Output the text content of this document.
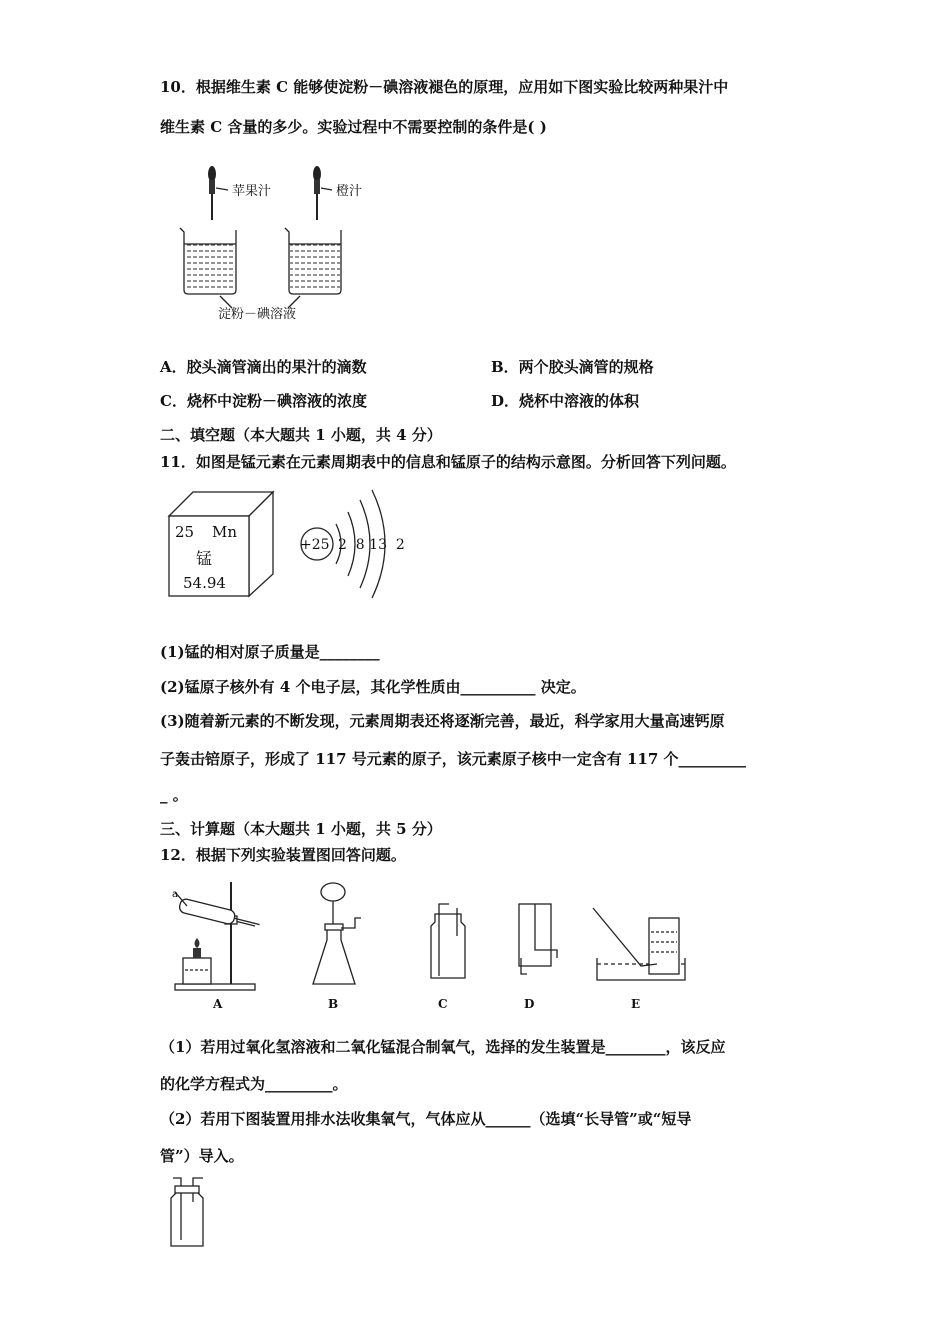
10．根据维生素 C 能够使淀粉－碘溶液褪色的原理，应用如下图实验比较两种果汁中
维生素 C 含量的多少。实验过程中不需要控制的条件是( )
苹果汁	橙汁
淀粉－碘溶液
A．胶头滴管滴出的果汁的滴数	B．两个胶头滴管的规格
C．烧杯中淀粉－碘溶液的浓度	D．烧杯中溶液的体积
二、填空题（本大题共 1 小题，共 4 分）
11．如图是锰元素在元素周期表中的信息和锰原子的结构示意图。分析回答下列问题。
25 Mn
锰
54.94
+25 2  8 13  2
(1)锰的相对原子质量是________
(2)锰原子核外有 4 个电子层，其化学性质由__________ 决定。
(3)随着新元素的不断发现，元素周期表还将逐渐完善，最近，科学家用大量高速钙原
子轰击锫原子，形成了 117 号元素的原子，该元素原子核中一定含有 117 个_________
_ 。
三、计算题（本大题共 1 小题，共 5 分）
12．根据下列实验装置图回答问题。
a
A	B	C	D	E
（1）若用过氧化氢溶液和二氧化锰混合制氧气，选择的发生装置是________，该反应
的化学方程式为_________。
（2）若用下图装置用排水法收集氧气，气体应从______（选填“长导管”或“短导
管”）导入。
